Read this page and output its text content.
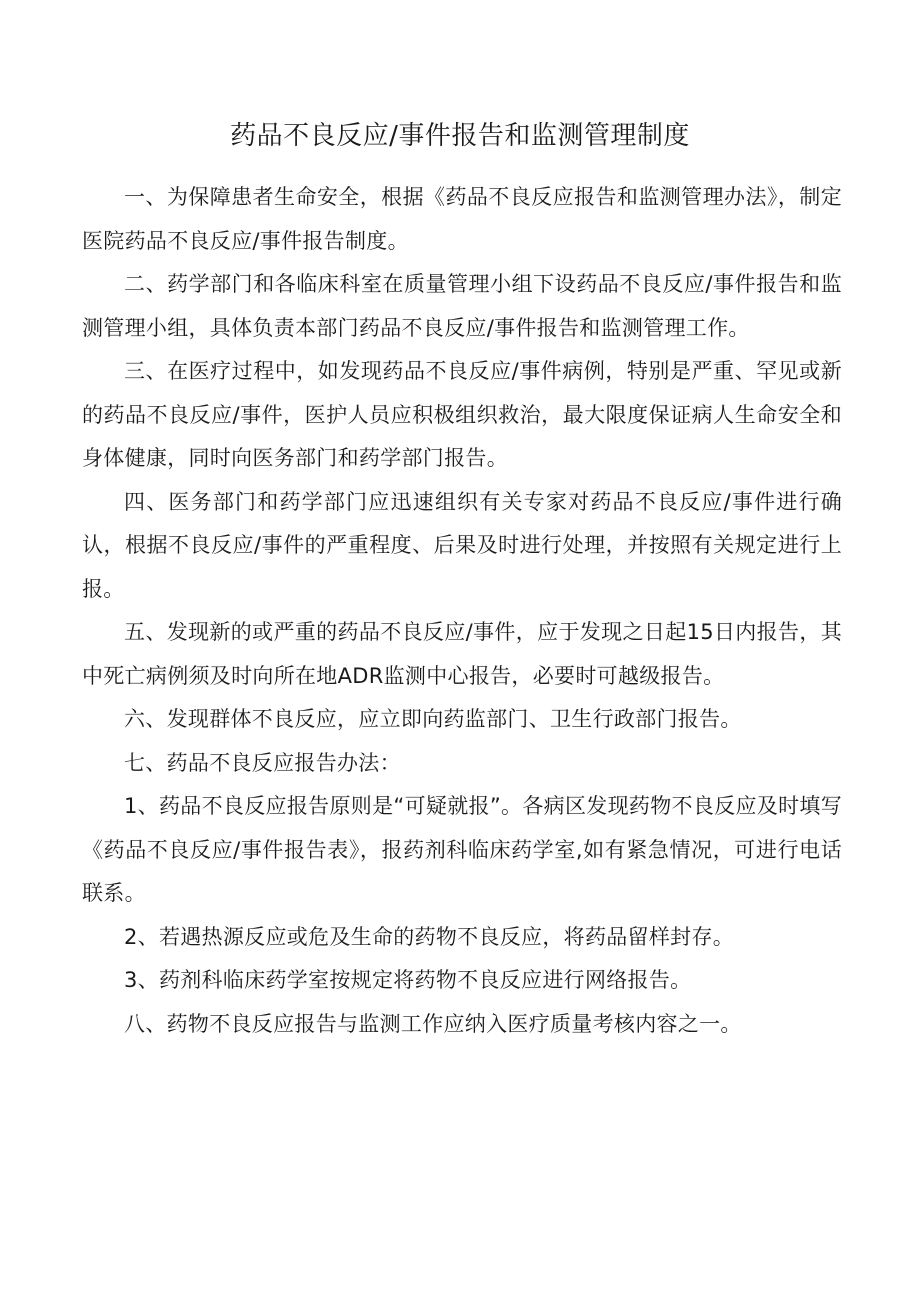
药品不良反应/事件报告和监测管理制度

一、为保障患者生命安全，根据《药品不良反应报告和监测管理办法》，制定医院药品不良反应/事件报告制度。

二、药学部门和各临床科室在质量管理小组下设药品不良反应/事件报告和监测管理小组，具体负责本部门药品不良反应/事件报告和监测管理工作。

三、在医疗过程中，如发现药品不良反应/事件病例，特别是严重、罕见或新的药品不良反应/事件，医护人员应积极组织救治，最大限度保证病人生命安全和身体健康，同时向医务部门和药学部门报告。

四、医务部门和药学部门应迅速组织有关专家对药品不良反应/事件进行确认，根据不良反应/事件的严重程度、后果及时进行处理，并按照有关规定进行上报。

五、发现新的或严重的药品不良反应/事件，应于发现之日起15日内报告，其中死亡病例须及时向所在地ADR监测中心报告，必要时可越级报告。

六、发现群体不良反应，应立即向药监部门、卫生行政部门报告。

七、药品不良反应报告办法：

1、药品不良反应报告原则是“可疑就报”。各病区发现药物不良反应及时填写《药品不良反应/事件报告表》，报药剂科临床药学室,如有紧急情况，可进行电话联系。

2、若遇热源反应或危及生命的药物不良反应，将药品留样封存。

3、药剂科临床药学室按规定将药物不良反应进行网络报告。

八、药物不良反应报告与监测工作应纳入医疗质量考核内容之一。
